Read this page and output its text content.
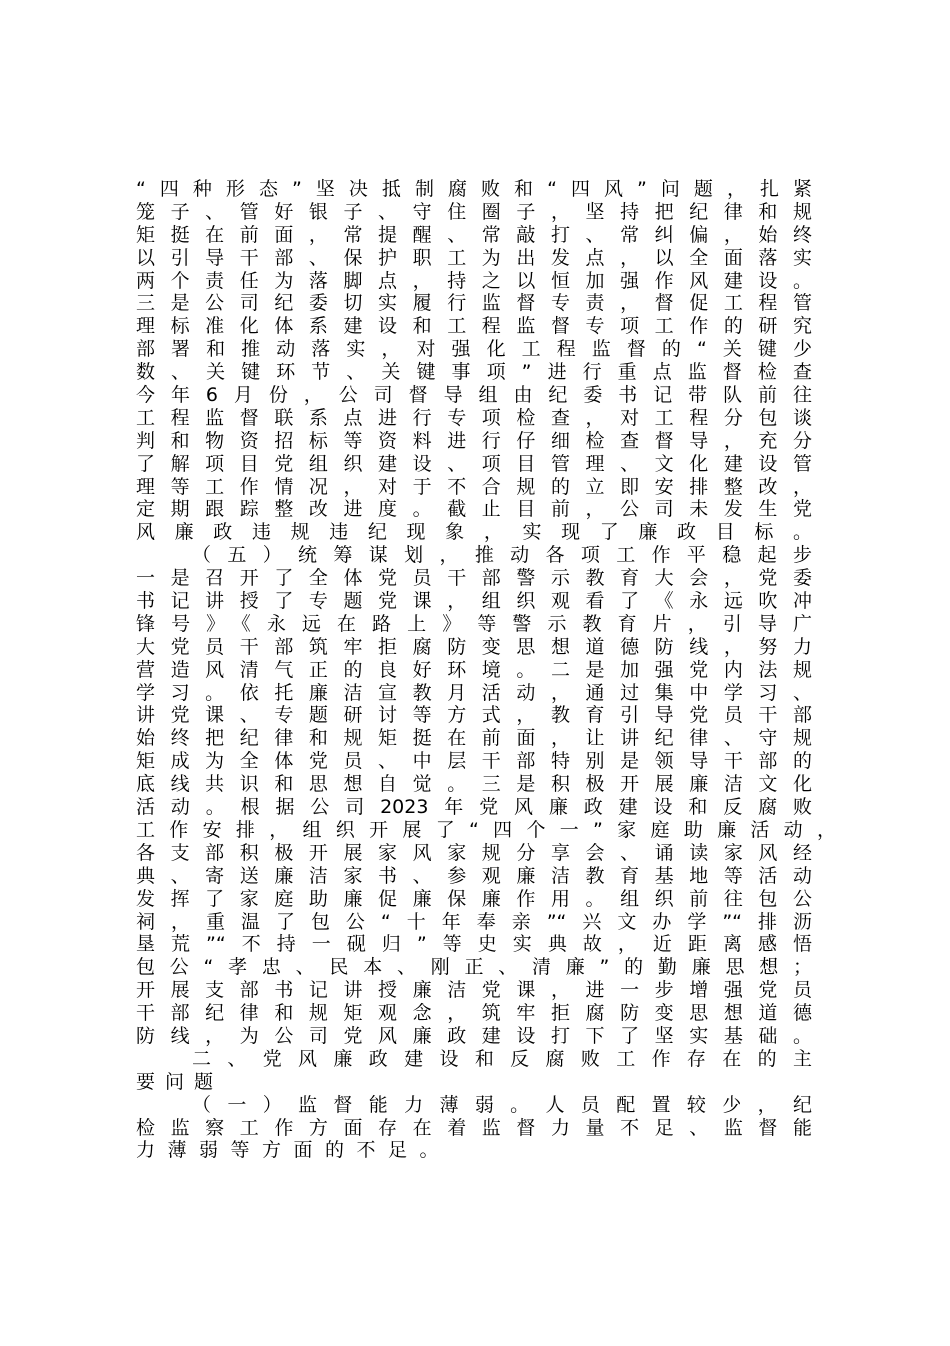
“四种形态”坚决抵制腐败和“四风”问题，扎紧
笼子、管好银子、守住圈子，坚持把纪律和规
矩挺在前面，常提醒、常敲打、常纠偏，始终
以引导干部、保护职工为出发点，以全面落实
两个责任为落脚点，持之以恒加强作风建设。
三是公司纪委切实履行监督专责，督促工程管
理标准化体系建设和工程监督专项工作的研究
部署和推动落实，对强化工程监督的“关键少
数、关键环节、关键事项”进行重点监督检查
今年6月份，公司督导组由纪委书记带队前往
工程监督联系点进行专项检查，对工程分包谈
判和物资招标等资料进行仔细检查督导，充分
了解项目党组织建设、项目管理、文化建设管
理等工作情况，对于不合规的立即安排整改，
定期跟踪整改进度。截止目前，公司未发生党
风廉政违规违纪现象，实现了廉政目标。
（五）统筹谋划，推动各项工作平稳起步
一是召开了全体党员干部警示教育大会，党委
书记讲授了专题党课，组织观看了《永远吹冲
锋号》《永远在路上》等警示教育片，引导广
大党员干部筑牢拒腐防变思想道德防线，努力
营造风清气正的良好环境。二是加强党内法规
学习。依托廉洁宣教月活动，通过集中学习、
讲党课、专题研讨等方式，教育引导党员干部
始终把纪律和规矩挺在前面，让讲纪律、守规
矩成为全体党员、中层干部特别是领导干部的
底线共识和思想自觉。三是积极开展廉洁文化
活动。根据公司2023年党风廉政建设和反腐败
工作安排，组织开展了“四个一”家庭助廉活动，
各支部积极开展家风家规分享会、诵读家风经
典、寄送廉洁家书、参观廉洁教育基地等活动
发挥了家庭助廉促廉保廉作用。组织前往包公
祠，重温了包公“十年奉亲”“兴文办学”“排沥
垦荒”“不持一砚归”等史实典故，近距离感悟
包公“孝忠、民本、刚正、清廉”的勤廉思想；
开展支部书记讲授廉洁党课，进一步增强党员
干部纪律和规矩观念，筑牢拒腐防变思想道德
防线，为公司党风廉政建设打下了坚实基础。
二、党风廉政建设和反腐败工作存在的主
要问题
（一）监督能力薄弱。人员配置较少，纪
检监察工作方面存在着监督力量不足、监督能
力薄弱等方面的不足。
